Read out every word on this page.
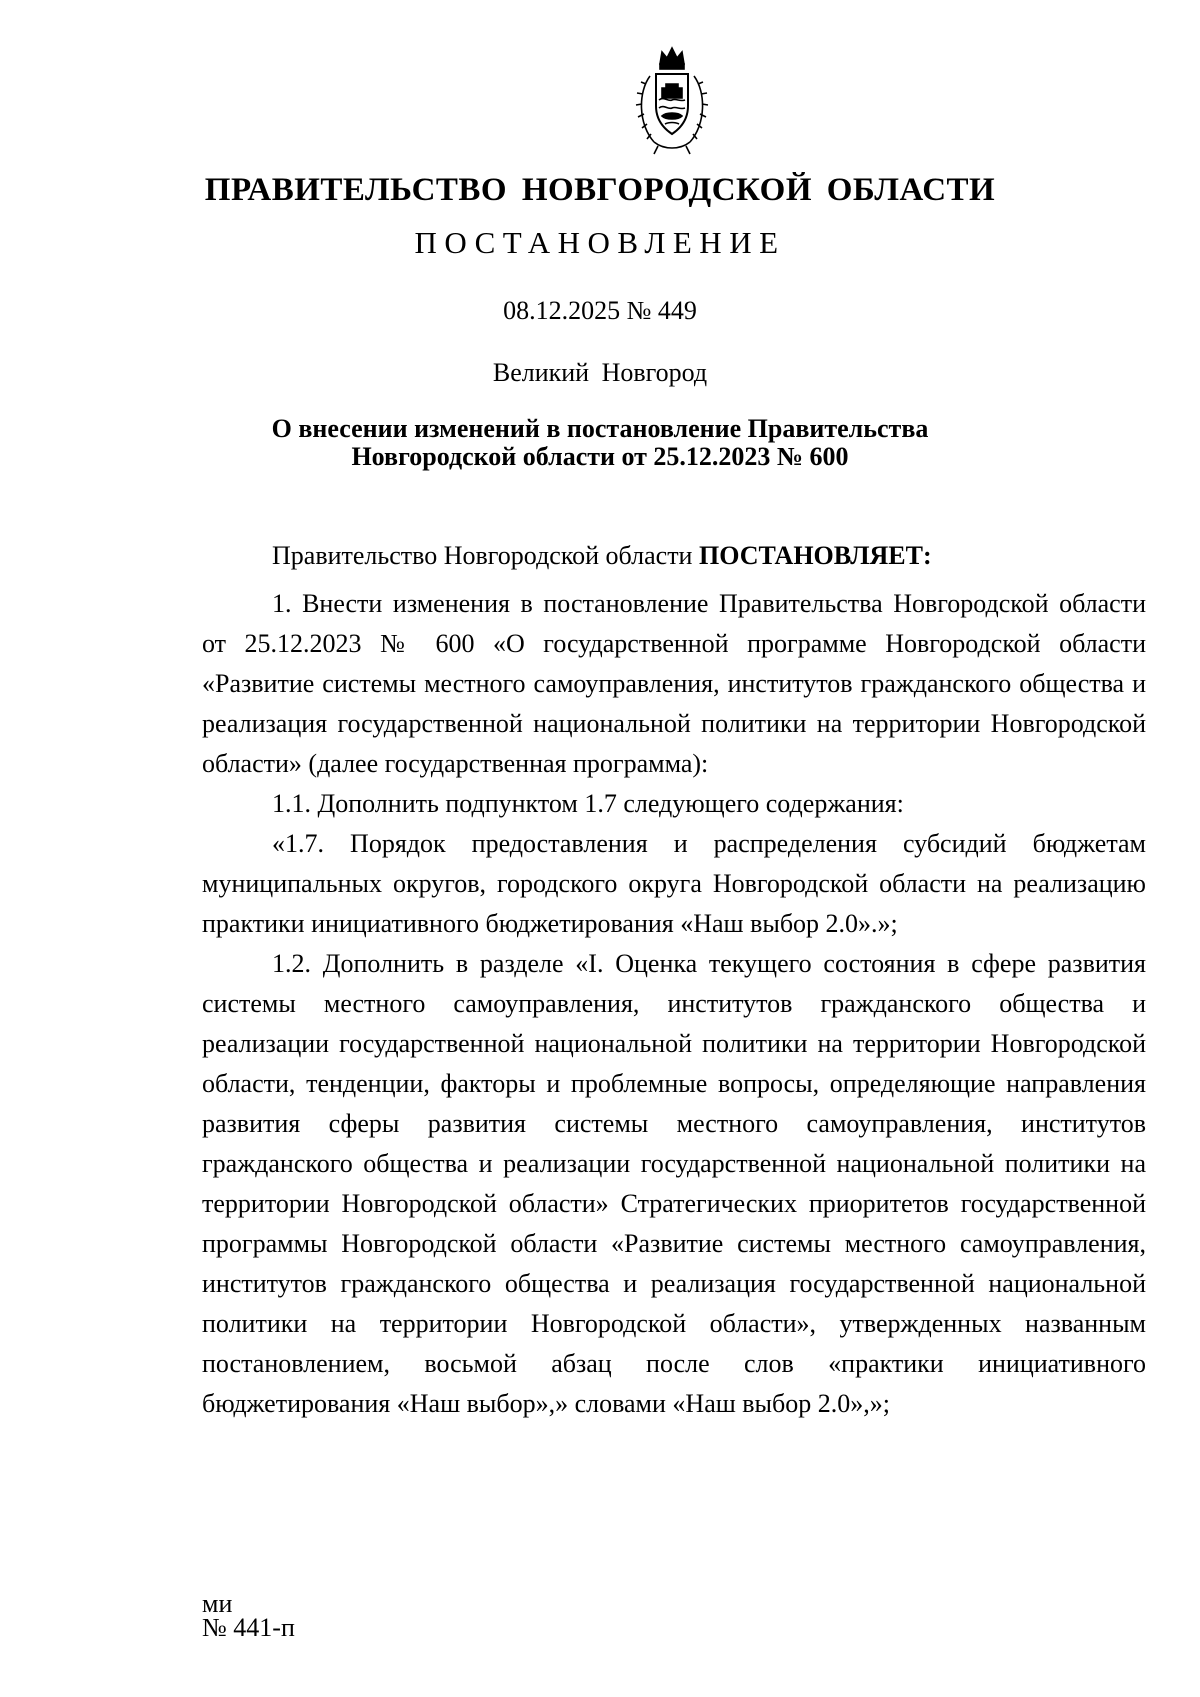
ПРАВИТЕЛЬСТВО НОВГОРОДСКОЙ ОБЛАСТИ
ПОСТАНОВЛЕНИЕ
08.12.2025 № 449
Великий Новгород
О внесении изменений в постановление Правительства
Новгородской области от 25.12.2023 № 600

Правительство Новгородской области ПОСТАНОВЛЯЕТ:

1. Внести изменения в постановление Правительства Новгородской области от 25.12.2023 № 600 «О государственной программе Новгородской области «Развитие системы местного самоуправления, институтов гражданского общества и реализация государственной национальной политики на территории Новгородской области» (далее государственная программа):

1.1. Дополнить подпунктом 1.7 следующего содержания:

«1.7. Порядок предоставления и распределения субсидий бюджетам муниципальных округов, городского округа Новгородской области на реализацию практики инициативного бюджетирования «Наш выбор 2.0».»;

1.2. Дополнить в разделе «I. Оценка текущего состояния в сфере развития системы местного самоуправления, институтов гражданского общества и реализации государственной национальной политики на территории Новгородской области, тенденции, факторы и проблемные вопросы, определяющие направления развития сферы развития системы местного самоуправления, институтов гражданского общества и реализации государственной национальной политики на территории Новгородской области» Стратегических приоритетов государственной программы Новгородской области «Развитие системы местного самоуправления, институтов гражданского общества и реализация государственной национальной политики на территории Новгородской области», утвержденных названным постановлением, восьмой абзац после слов «практики инициативного бюджетирования «Наш выбор»,» словами «Наш выбор 2.0»,»;

ми
№ 441-п
